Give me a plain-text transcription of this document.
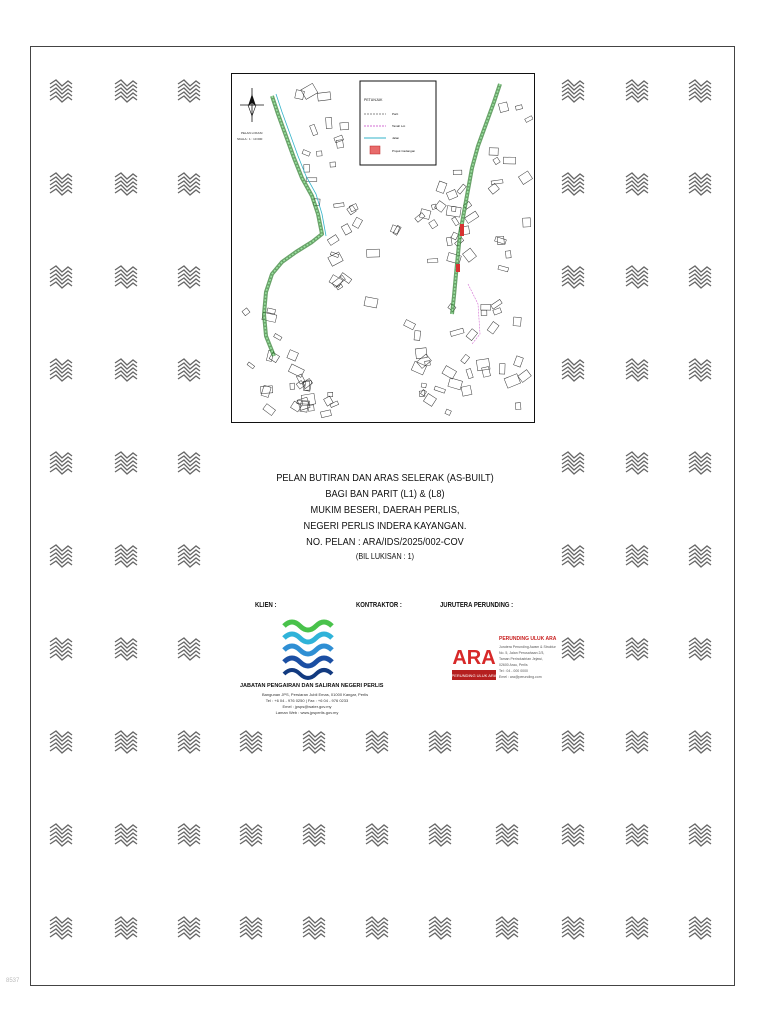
PELAN LOKASI
SKALA : 1 : 10 000
PETUNJUK
Parit
Tanah Lot
Jalan
Projek Cadangan
PELAN BUTIRAN DAN ARAS SELERAK (AS-BUILT)
BAGI BAN PARIT (L1) & (L8)
MUKIM BESERI, DAERAH PERLIS,
NEGERI PERLIS INDERA KAYANGAN.
NO. PELAN : ARA/IDS/2025/002-COV
(BIL LUKISAN : 1)
KLIEN :	KONTRAKTOR :	JURUTERA PERUNDING :
JABATAN PENGAIRAN DAN SALIRAN NEGERI PERLIS
Bangunan JPS, Persiaran Jubli Emas, 01000 Kangar, Perlis
Tel : +6 04 - 976 0250 | Fax : +6 04 - 976 0233
Emel : jpsps@water.gov.my
Laman Web : www.jpsperlis.gov.my
ARA
PERUNDING ULUK ARA
PERUNDING ULUK ARA
Jurutera Perunding Awam & Struktur
No. 5, Jalan Perusahaan 2/3,
Taman Perindustrian Jejawi,
02600 Arau, Perlis
Tel : 04 - 000 0000
Emel : ara@perunding.com
8537
